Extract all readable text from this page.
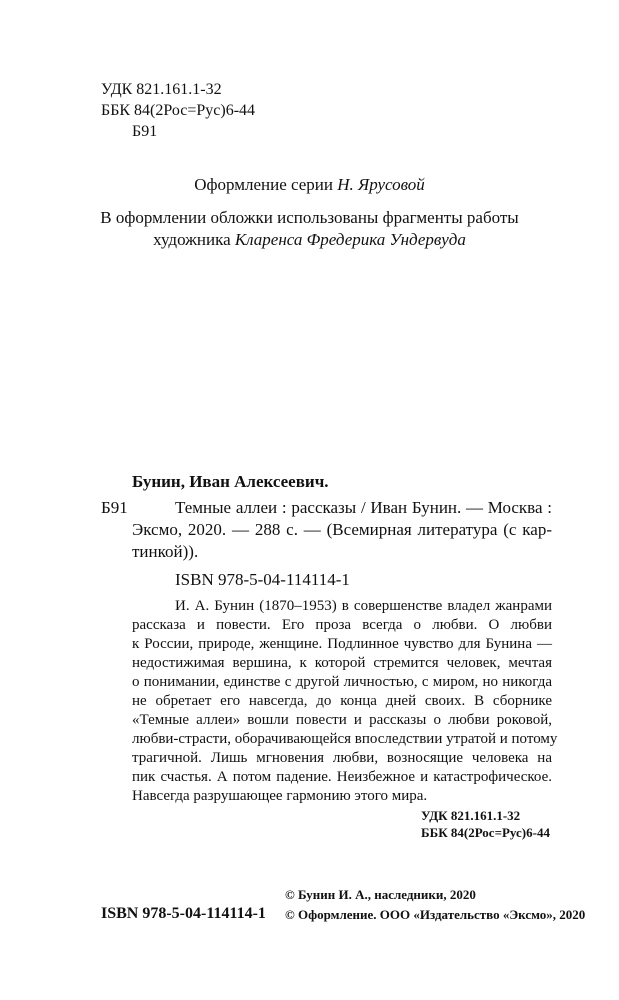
УДК 821.161.1-32
ББК 84(2Рос=Рус)6-44
Б91
Оформление серии Н. Ярусовой
В оформлении обложки использованы фрагменты работы
художника Кларенса Фредерика Ундервуда
Бунин, Иван Алексеевич.
Б91	Темные аллеи : рассказы / Иван Бунин. — Москва :
Эксмо, 2020. — 288 с. — (Всемирная литература (с кар-
тинкой)).
ISBN 978-5-04-114114-1
И. А. Бунин (1870–1953) в совершенстве владел жанрами
рассказа и повести. Его проза всегда о любви. О любви
к России, природе, женщине. Подлинное чувство для Бунина —
недостижимая вершина, к которой стремится человек, мечтая
о понимании, единстве с другой личностью, с миром, но никогда
не обретает его навсегда, до конца дней своих. В сборнике
«Темные аллеи» вошли повести и рассказы о любви роковой,
любви-страсти, оборачивающейся впоследствии утратой и потому
трагичной. Лишь мгновения любви, возносящие человека на
пик счастья. А потом падение. Неизбежное и катастрофическое.
Навсегда разрушающее гармонию этого мира.
УДК 821.161.1-32
ББК 84(2Рос=Рус)6-44
© Бунин И. А., наследники, 2020
ISBN 978-5-04-114114-1 © Оформление. ООО «Издательство «Эксмо», 2020
